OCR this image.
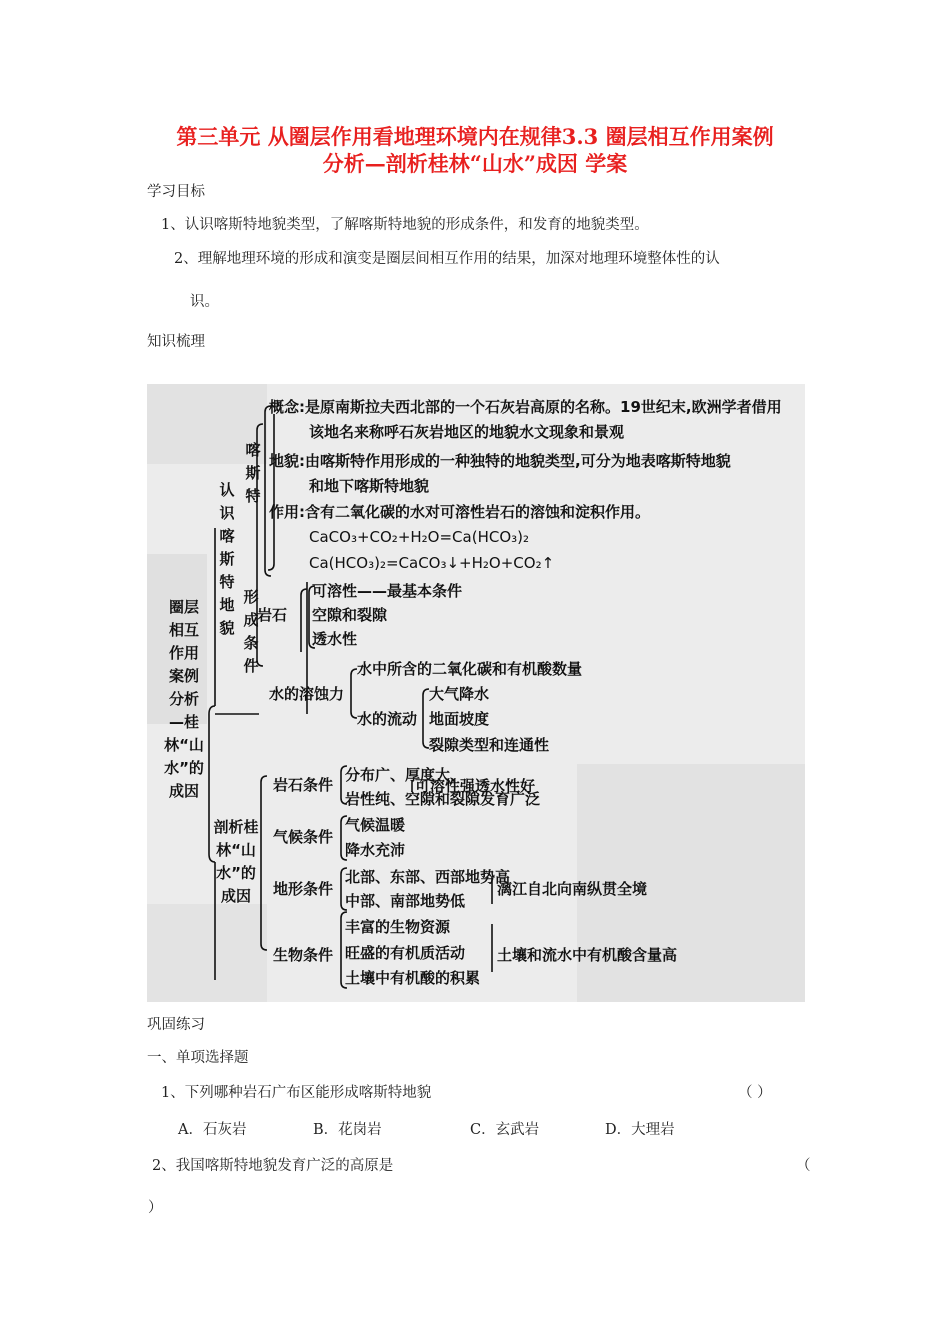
第三单元 从圈层作用看地理环境内在规律3.3 圈层相互作用案例
分析—剖析桂林“山水”成因 学案
学习目标
1、认识喀斯特地貌类型，了解喀斯特地貌的形成条件，和发育的地貌类型。
2、理解地理环境的形成和演变是圈层间相互作用的结果，加深对地理环境整体性的认
识。
知识梳理
圈层相互作用案例分析—桂林“山水”的成因
认识喀斯特地貌
喀斯特
概念:是原南斯拉夫西北部的一个石灰岩高原的名称。19世纪末,欧洲学者借用
该地名来称呼石灰岩地区的地貌水文现象和景观
地貌:由喀斯特作用形成的一种独特的地貌类型,可分为地表喀斯特地貌
和地下喀斯特地貌
作用:含有二氧化碳的水对可溶性岩石的溶蚀和淀积作用。
CaCO₃+CO₂+H₂O=Ca(HCO₃)₂
Ca(HCO₃)₂=CaCO₃↓+H₂O+CO₂↑
形成条件
岩石
可溶性——最基本条件
空隙和裂隙
透水性
水的溶蚀力
水中所含的二氧化碳和有机酸数量
水的流动
大气降水
地面坡度
裂隙类型和连通性
剖析桂林“山水”的成因
岩石条件
分布广、厚度大、
岩性纯、空隙和裂隙发育广泛
可溶性强透水性好
气候条件
气候温暖
降水充沛
地形条件
北部、东部、西部地势高
中部、南部地势低
漓江自北向南纵贯全境
生物条件
丰富的生物资源
旺盛的有机质活动
土壤中有机酸的积累
土壤和流水中有机酸含量高
巩固练习
一、单项选择题
1、下列哪种岩石广布区能形成喀斯特地貌	（ ）
A．石灰岩	B．花岗岩	C．玄武岩	D．大理岩
2、我国喀斯特地貌发育广泛的高原是	（
）
